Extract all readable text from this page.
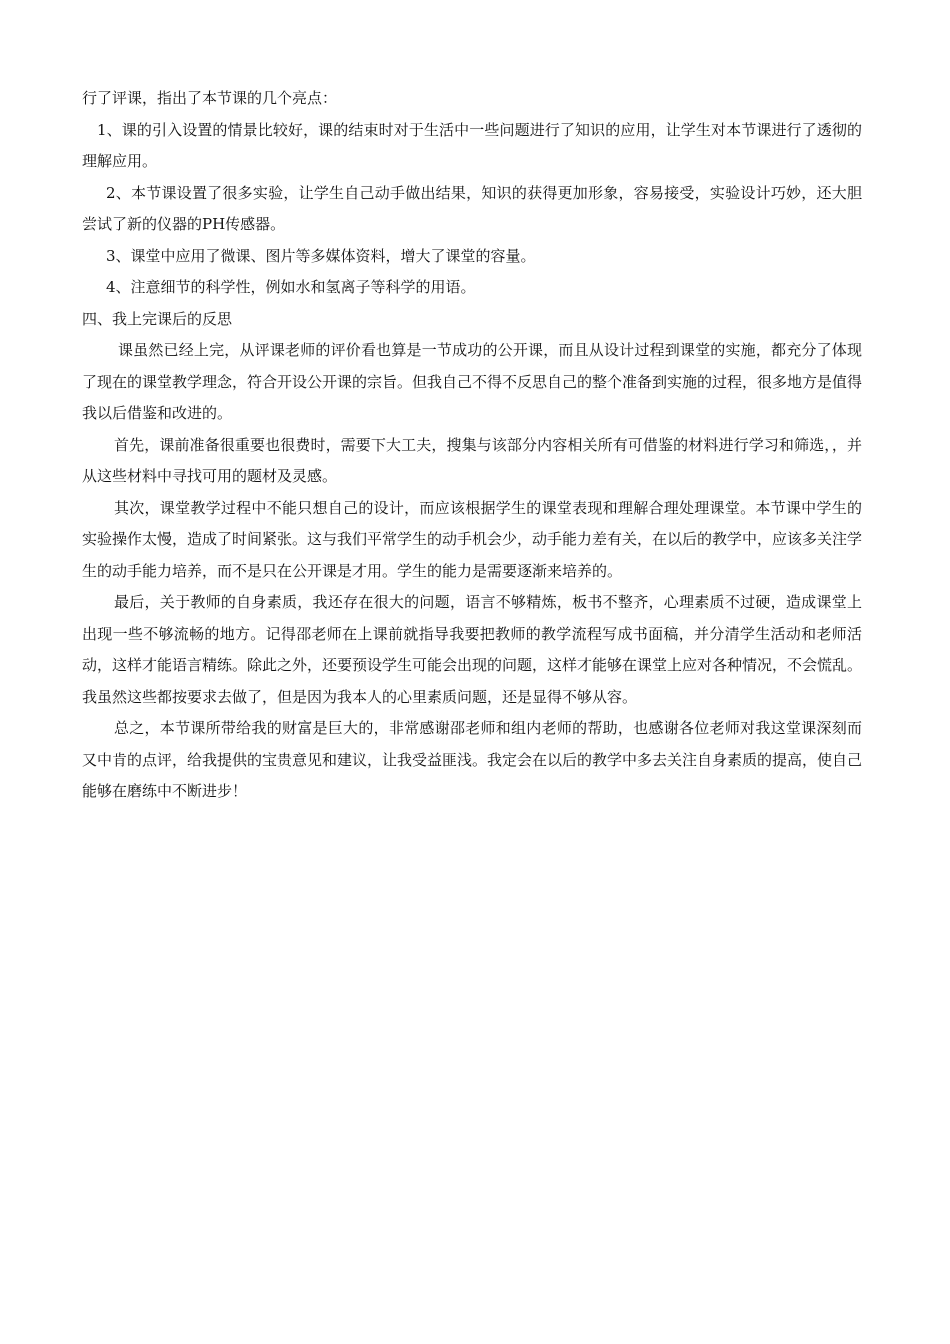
行了评课，指出了本节课的几个亮点：

1、课的引入设置的情景比较好，课的结束时对于生活中一些问题进行了知识的应用，让学生对本节课进行了透彻的理解应用。

2、本节课设置了很多实验，让学生自己动手做出结果，知识的获得更加形象，容易接受，实验设计巧妙，还大胆尝试了新的仪器的PH传感器。

3、课堂中应用了微课、图片等多媒体资料，增大了课堂的容量。

4、注意细节的科学性，例如水和氢离子等科学的用语。

四、我上完课后的反思

课虽然已经上完，从评课老师的评价看也算是一节成功的公开课，而且从设计过程到课堂的实施，都充分了体现了现在的课堂教学理念，符合开设公开课的宗旨。但我自己不得不反思自己的整个准备到实施的过程，很多地方是值得我以后借鉴和改进的。

首先，课前准备很重要也很费时，需要下大工夫，搜集与该部分内容相关所有可借鉴的材料进行学习和筛选，，并从这些材料中寻找可用的题材及灵感。

其次，课堂教学过程中不能只想自己的设计，而应该根据学生的课堂表现和理解合理处理课堂。本节课中学生的实验操作太慢，造成了时间紧张。这与我们平常学生的动手机会少，动手能力差有关，在以后的教学中，应该多关注学生的动手能力培养，而不是只在公开课是才用。学生的能力是需要逐渐来培养的。

最后，关于教师的自身素质，我还存在很大的问题，语言不够精炼，板书不整齐，心理素质不过硬，造成课堂上出现一些不够流畅的地方。记得邵老师在上课前就指导我要把教师的教学流程写成书面稿，并分清学生活动和老师活动，这样才能语言精练。除此之外，还要预设学生可能会出现的问题，这样才能够在课堂上应对各种情况，不会慌乱。我虽然这些都按要求去做了，但是因为我本人的心里素质问题，还是显得不够从容。

总之，本节课所带给我的财富是巨大的，非常感谢邵老师和组内老师的帮助，也感谢各位老师对我这堂课深刻而又中肯的点评，给我提供的宝贵意见和建议，让我受益匪浅。我定会在以后的教学中多去关注自身素质的提高，使自己能够在磨练中不断进步！
